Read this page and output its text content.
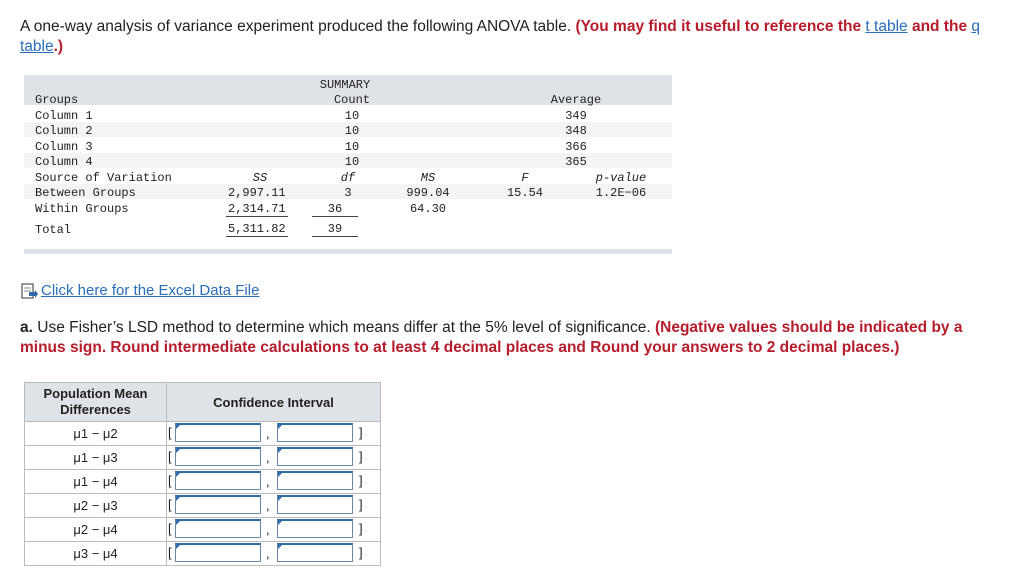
A one-way analysis of variance experiment produced the following ANOVA table. (You may find it useful to reference the t table and the q table.)
SUMMARY
Groups	Count	Average
Column 1	10	349
Column 2	10	348
Column 3	10	366
Column 4	10	365
Source of Variation	SS	df	MS	F	p-value
Between Groups	2,997.11	3	999.04	15.54	1.2E−06
Within Groups	2,314.71	36	64.30
Total	5,311.82	39
Click here for the Excel Data File
a. Use Fisher’s LSD method to determine which means differ at the 5% level of significance. (Negative values should be indicated by a minus sign. Round intermediate calculations to at least 4 decimal places and Round your answers to 2 decimal places.)
Population Mean Differences	Confidence Interval
μ1 − μ2	[ , ]

μ1 − μ3	[ , ]

μ1 − μ4	[ , ]

μ2 − μ3	[ , ]

μ2 − μ4	[ , ]

μ3 − μ4	[ , ]
